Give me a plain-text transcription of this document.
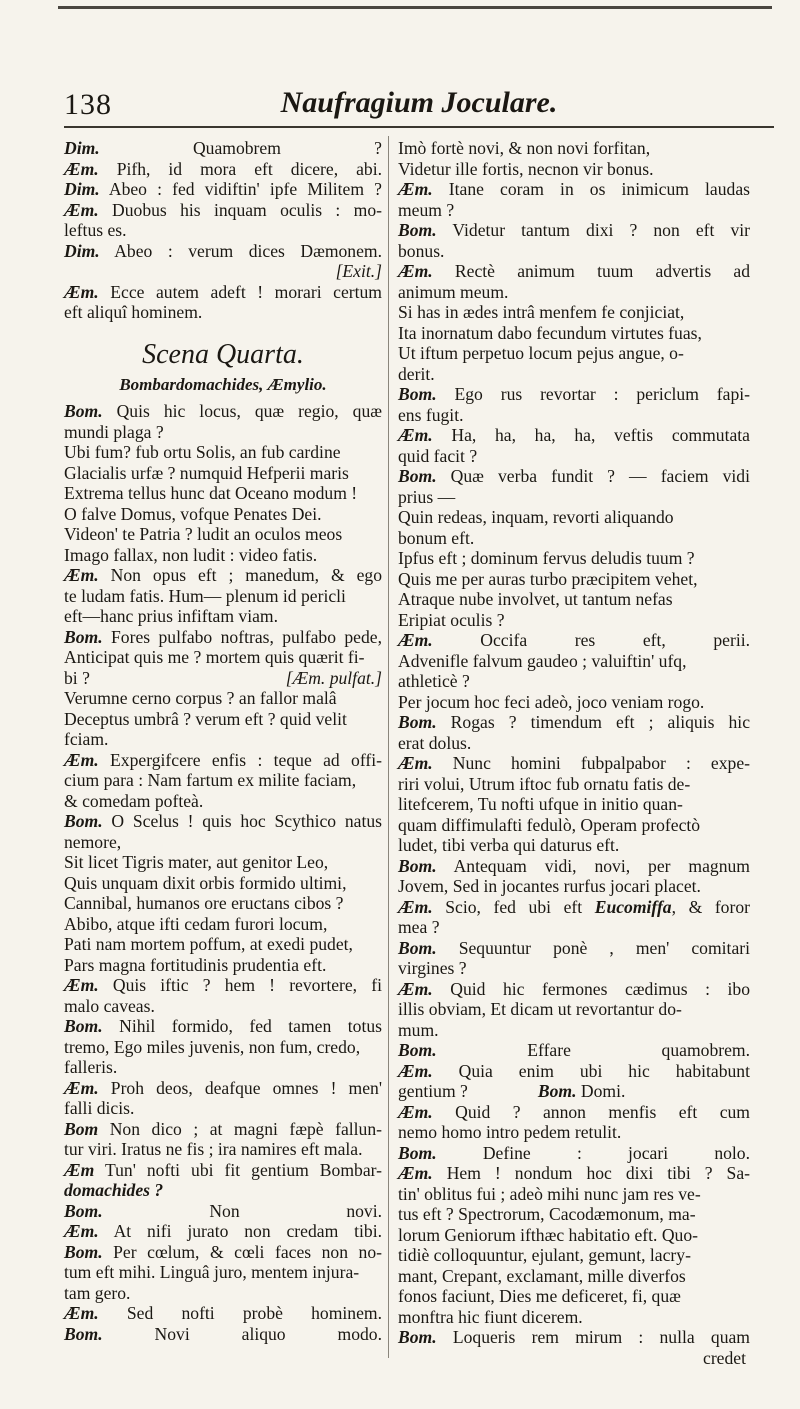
138	Naufragium Joculare.
Dim. Quamobrem ?
Æm. Pifh, id mora eft dicere, abi.
Dim. Abeo : fed vidiftin' ipfe Militem ?
Æm. Duobus his inquam oculis : mo-
leftus es.
Dim. Abeo : verum dices Dæmonem.
[Exit.]
Æm. Ecce autem adeft ! morari certum
eft aliquî hominem.
Scena Quarta.
Bombardomachides, Æmylio.
Bom. Quis hic locus, quæ regio, quæ
mundi plaga ?
Ubi fum? fub ortu Solis, an fub cardine
Glacialis urfæ ? numquid Hefperii maris
Extrema tellus hunc dat Oceano modum !
O falve Domus, vofque Penates Dei.
Videon' te Patria ? ludit an oculos meos
Imago fallax, non ludit : video fatis.
Æm. Non opus eft ; manedum, & ego
te ludam fatis. Hum— plenum id pericli
eft—hanc prius infiftam viam.
Bom. Fores pulfabo noftras, pulfabo pede,
Anticipat quis me ? mortem quis quærit fi-
bi ?	[Æm. pulfat.]
Verumne cerno corpus ? an fallor malâ
Deceptus umbrâ ? verum eft ? quid velit
fciam.
Æm. Expergifcere enfis : teque ad offi-
cium para : Nam fartum ex milite faciam,
& comedam pofteà.
Bom. O Scelus ! quis hoc Scythico natus
nemore,
Sit licet Tigris mater, aut genitor Leo,
Quis unquam dixit orbis formido ultimi,
Cannibal, humanos ore eructans cibos ?
Abibo, atque ifti cedam furori locum,
Pati nam mortem poffum, at exedi pudet,
Pars magna fortitudinis prudentia eft.
Æm. Quis iftic ? hem ! revortere, fi
malo caveas.
Bom. Nihil formido, fed tamen totus
tremo, Ego miles juvenis, non fum, credo,
falleris.
Æm. Proh deos, deafque omnes ! men'
falli dicis.
Bom Non dico ; at magni fæpè fallun-
tur viri. Iratus ne fis ; ira namires eft mala.
Æm Tun' nofti ubi fit gentium Bombar-
domachides ?
Bom. Non novi.
Æm. At nifi jurato non credam tibi.
Bom. Per cœlum, & cœli faces non no-
tum eft mihi. Linguâ juro, mentem injura-
tam gero.
Æm. Sed nofti probè hominem.
Bom. Novi aliquo modo.
Imò fortè novi, & non novi forfitan,
Videtur ille fortis, necnon vir bonus.
Æm. Itane coram in os inimicum laudas
meum ?
Bom. Videtur tantum dixi ? non eft vir
bonus.
Æm. Rectè animum tuum advertis ad
animum meum.
Si has in ædes intrâ menfem fe conjiciat,
Ita inornatum dabo fecundum virtutes fuas,
Ut iftum perpetuo locum pejus angue, o-
derit.
Bom. Ego rus revortar : periclum fapi-
ens fugit.
Æm. Ha, ha, ha, ha, veftis commutata
quid facit ?
Bom. Quæ verba fundit ? — faciem vidi
prius —
Quin redeas, inquam, revorti aliquando
bonum eft.
Ipfus eft ; dominum fervus deludis tuum ?
Quis me per auras turbo præcipitem vehet,
Atraque nube involvet, ut tantum nefas
Eripiat oculis ?
Æm. Occifa res eft, perii.
Advenifle falvum gaudeo ; valuiftin' ufq,
athleticè ?
Per jocum hoc feci adeò, joco veniam rogo.
Bom. Rogas ? timendum eft ; aliquis hic
erat dolus.
Æm. Nunc homini fubpalpabor : expe-
riri volui, Utrum iftoc fub ornatu fatis de-
litefcerem, Tu nofti ufque in initio quan-
quam diffimulafti fedulò, Operam profectò
ludet, tibi verba qui daturus eft.
Bom. Antequam vidi, novi, per magnum
Jovem, Sed in jocantes rurfus jocari placet.
Æm. Scio, fed ubi eft Eucomiffa, & foror
mea ?
Bom. Sequuntur ponè , men' comitari
virgines ?
Æm. Quid hic fermones cædimus : ibo
illis obviam, Et dicam ut revortantur do-
mum.
Bom. Effare quamobrem.
Æm. Quia enim ubi hic habitabunt
gentium ?	Bom. Domi.
Æm. Quid ? annon menfis eft cum
nemo homo intro pedem retulit.
Bom. Define : jocari nolo.
Æm. Hem ! nondum hoc dixi tibi ? Sa-
tin' oblitus fui ; adeò mihi nunc jam res ve-
tus eft ? Spectrorum, Cacodæmonum, ma-
lorum Geniorum ifthæc habitatio eft. Quo-
tidiè colloquuntur, ejulant, gemunt, lacry-
mant, Crepant, exclamant, mille diverfos
fonos faciunt, Dies me deficeret, fi, quæ
monftra hic fiunt dicerem.
Bom. Loqueris rem mirum : nulla quam
credet
